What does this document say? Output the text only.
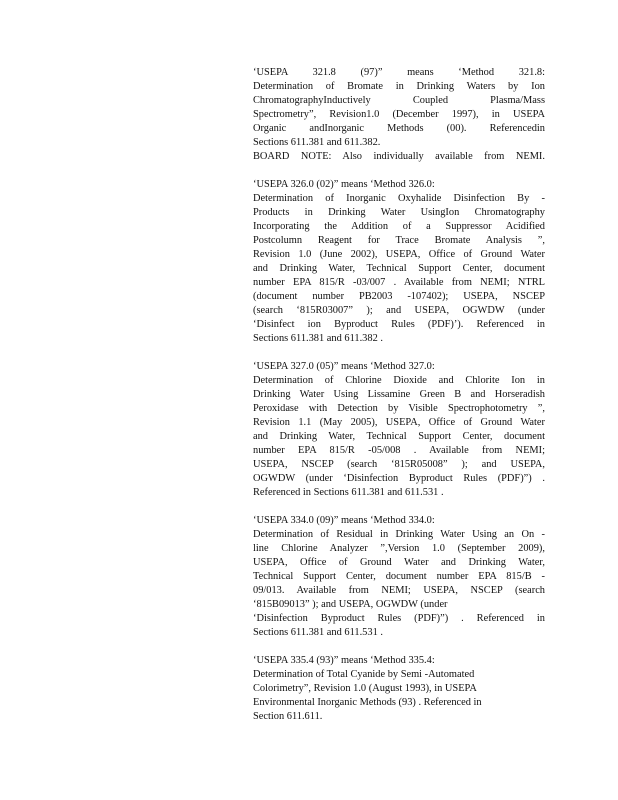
‘USEPA 321.8 (97)” means ‘Method 321.8:
Determination of Bromate in Drinking Waters by Ion
ChromatographyInductively Coupled Plasma/Mass
Spectrometry”, Revision1.0 (December 1997), in USEPA
Organic andInorganic Methods (00). Referencedin
Sections 611.381 and 611.382.
BOARD NOTE: Also individually available from NEMI.
‘USEPA 326.0 (02)” means ‘Method 326.0:
Determination of Inorganic Oxyhalide Disinfection By -
Products in Drinking Water UsingIon Chromatography
Incorporating the Addition of a Suppressor Acidified
Postcolumn Reagent for Trace Bromate Analysis ”,
Revision 1.0 (June 2002), USEPA, Office of Ground Water
and Drinking Water, Technical Support Center, document
number EPA 815/R -03/007 . Available from NEMI; NTRL
(document number PB2003 -107402); USEPA, NSCEP
(search ‘815R03007” ); and USEPA, OGWDW (under
‘Disinfect ion Byproduct Rules (PDF)’). Referenced in
Sections 611.381 and 611.382 .
‘USEPA 327.0 (05)” means ‘Method 327.0:
Determination of Chlorine Dioxide and Chlorite Ion in
Drinking Water Using Lissamine Green B and Horseradish
Peroxidase with Detection by Visible Spectrophotometry ”,
Revision 1.1 (May 2005), USEPA, Office of Ground Water
and Drinking Water, Technical Support Center, document
number EPA 815/R -05/008 . Available from NEMI;
USEPA, NSCEP (search ‘815R05008” ); and USEPA,
OGWDW (under ‘Disinfection Byproduct Rules (PDF)”) .
Referenced in Sections 611.381 and 611.531 .
‘USEPA 334.0 (09)” means ‘Method 334.0:
Determination of Residual in Drinking Water Using an On -
line Chlorine Analyzer ”,Version 1.0 (September 2009),
USEPA, Office of Ground Water and Drinking Water,
Technical Support Center, document number EPA 815/B -
09/013. Available from NEMI; USEPA, NSCEP (search
‘815B09013” ); and USEPA, OGWDW (under
‘Disinfection Byproduct Rules (PDF)”) . Referenced in
Sections 611.381 and 611.531 .
‘USEPA 335.4 (93)” means ‘Method 335.4:
Determination of Total Cyanide by Semi -Automated
Colorimetry”, Revision 1.0 (August 1993), in USEPA
Environmental Inorganic Methods (93) . Referenced in
Section 611.611.
